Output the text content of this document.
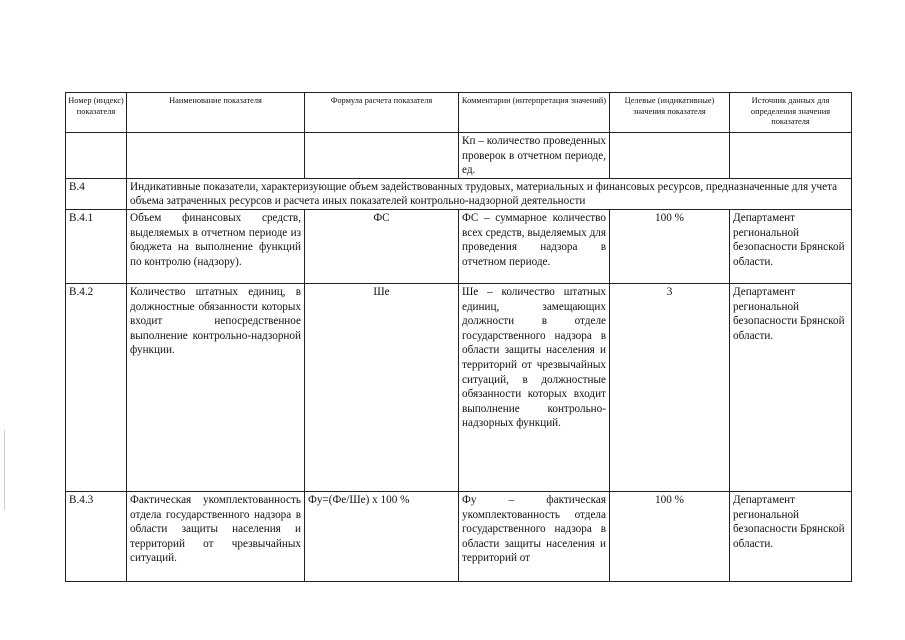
Номер (индекс) показателя	Наименование показателя	Формула расчета показателя	Комментарии (интерпретация значений)	Целевые (индикативные) значения показателя	Источник данных для определения значения показателя
			Кп – количество проведенных проверок в отчетном периоде, ед.		
В.4	Индикативные показатели, характеризующие объем задействованных трудовых, материальных и финансовых ресурсов, предназначенные для учета объема затраченных ресурсов и расчета иных показателей контрольно-надзорной деятельности				
В.4.1	Объем финансовых средств, выделяемых в отчетном периоде из бюджета на выполнение функций по контролю (надзору).	ФС	ФС – суммарное количество всех средств, выделяемых для проведения надзора в отчетном периоде.	100 %	Департамент региональной безопасности Брянской области.
В.4.2	Количество штатных единиц, в должностные обязанности которых входит непосредственное выполнение контрольно-надзорной функции.	Ше	Ше – количество штатных единиц, замещающих должности в отделе государственного надзора в области защиты населения и территорий от чрезвычайных ситуаций, в должностные обязанности которых входит выполнение контрольно-надзорных функций.	3	Департамент региональной безопасности Брянской области.
В.4.3	Фактическая укомплектованность отдела государственного надзора в области защиты населения и территорий от чрезвычайных ситуаций.	Фу=(Фе/Ше) х 100 %	Фу – фактическая укомплектованность отдела государственного надзора в области защиты населения и территорий от	100 %	Департамент региональной безопасности Брянской области.
